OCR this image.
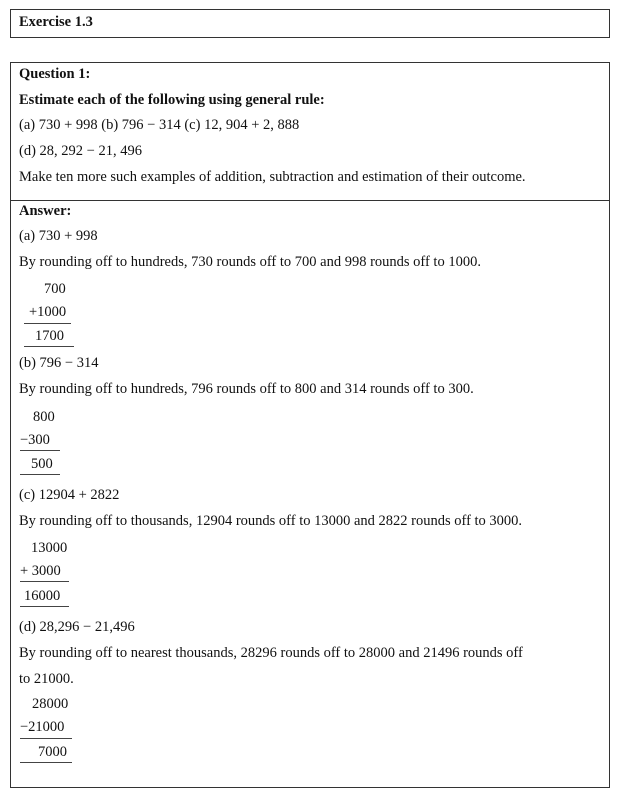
Exercise 1.3
Question 1:
Estimate each of the following using general rule:
(a) 730 + 998 (b) 796 − 314 (c) 12, 904 + 2, 888
(d) 28, 292 − 21, 496
Make ten more such examples of addition, subtraction and estimation of their outcome.
Answer:
(a) 730 + 998
By rounding off to hundreds, 730 rounds off to 700 and 998 rounds off to 1000.
700
+1000
1700
(b) 796 − 314
By rounding off to hundreds, 796 rounds off to 800 and 314 rounds off to 300.
800
−300
500
(c) 12904 + 2822
By rounding off to thousands, 12904 rounds off to 13000 and 2822 rounds off to 3000.
13000
+ 3000
16000
(d) 28,296 − 21,496
By rounding off to nearest thousands, 28296 rounds off to 28000 and 21496 rounds off
to 21000.
28000
−21000
7000
